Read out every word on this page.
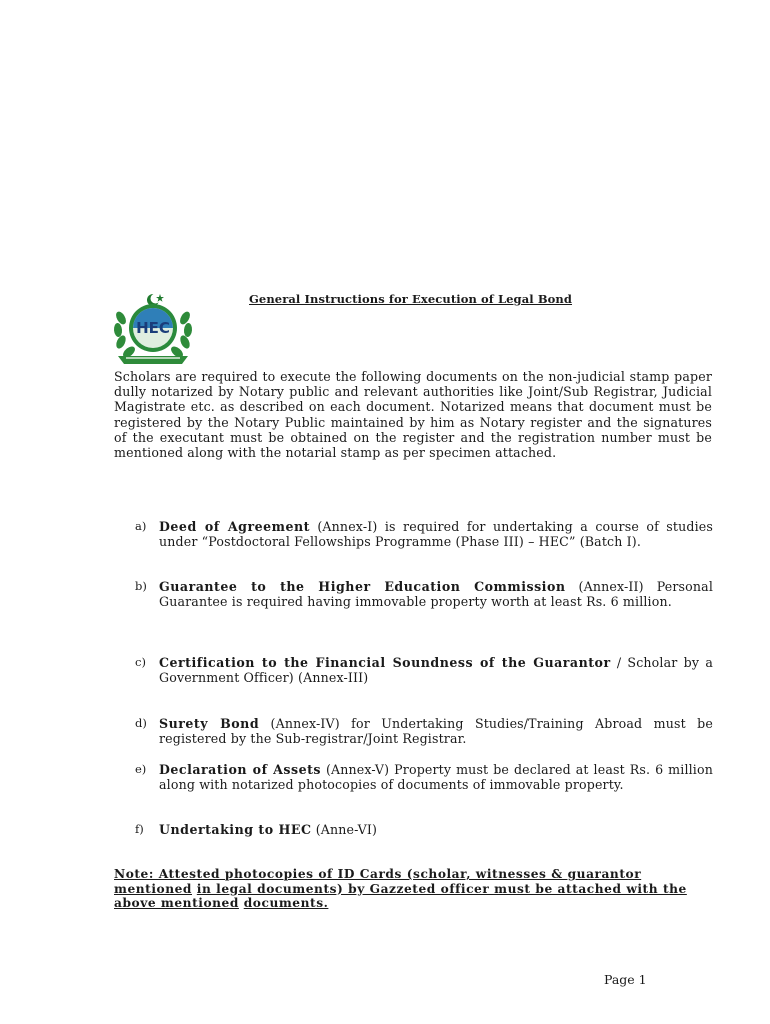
HEC
General Instructions for Execution of Legal Bond
Scholars are required to execute the following documents on the non-judicial stamp paper dully notarized by Notary public and relevant authorities like Joint/Sub Registrar, Judicial Magistrate etc. as described on each document. Notarized means that document must be registered by the Notary Public maintained by him as Notary register and the signatures of the executant must be obtained on the register and the registration number must be mentioned along with the notarial stamp as per specimen attached.
a) Deed of Agreement (Annex-I) is required for undertaking a course of studies under “Postdoctoral Fellowships Programme (Phase III) – HEC” (Batch I).
b) Guarantee to the Higher Education Commission (Annex-II) Personal Guarantee is required having immovable property worth at least Rs. 6 million.
c) Certification to the Financial Soundness of the Guarantor / Scholar by a Government Officer) (Annex-III)
d) Surety Bond (Annex-IV) for Undertaking Studies/Training Abroad must be registered by the Sub-registrar/Joint Registrar.
e) Declaration of Assets (Annex-V) Property must be declared at least Rs. 6 million along with notarized photocopies of documents of immovable property.
f) Undertaking to HEC (Anne-VI)
Note: Attested photocopies of ID Cards (scholar, witnesses & guarantor mentioned in legal documents) by Gazzeted officer must be attached with the above mentioned documents.
Page 1
